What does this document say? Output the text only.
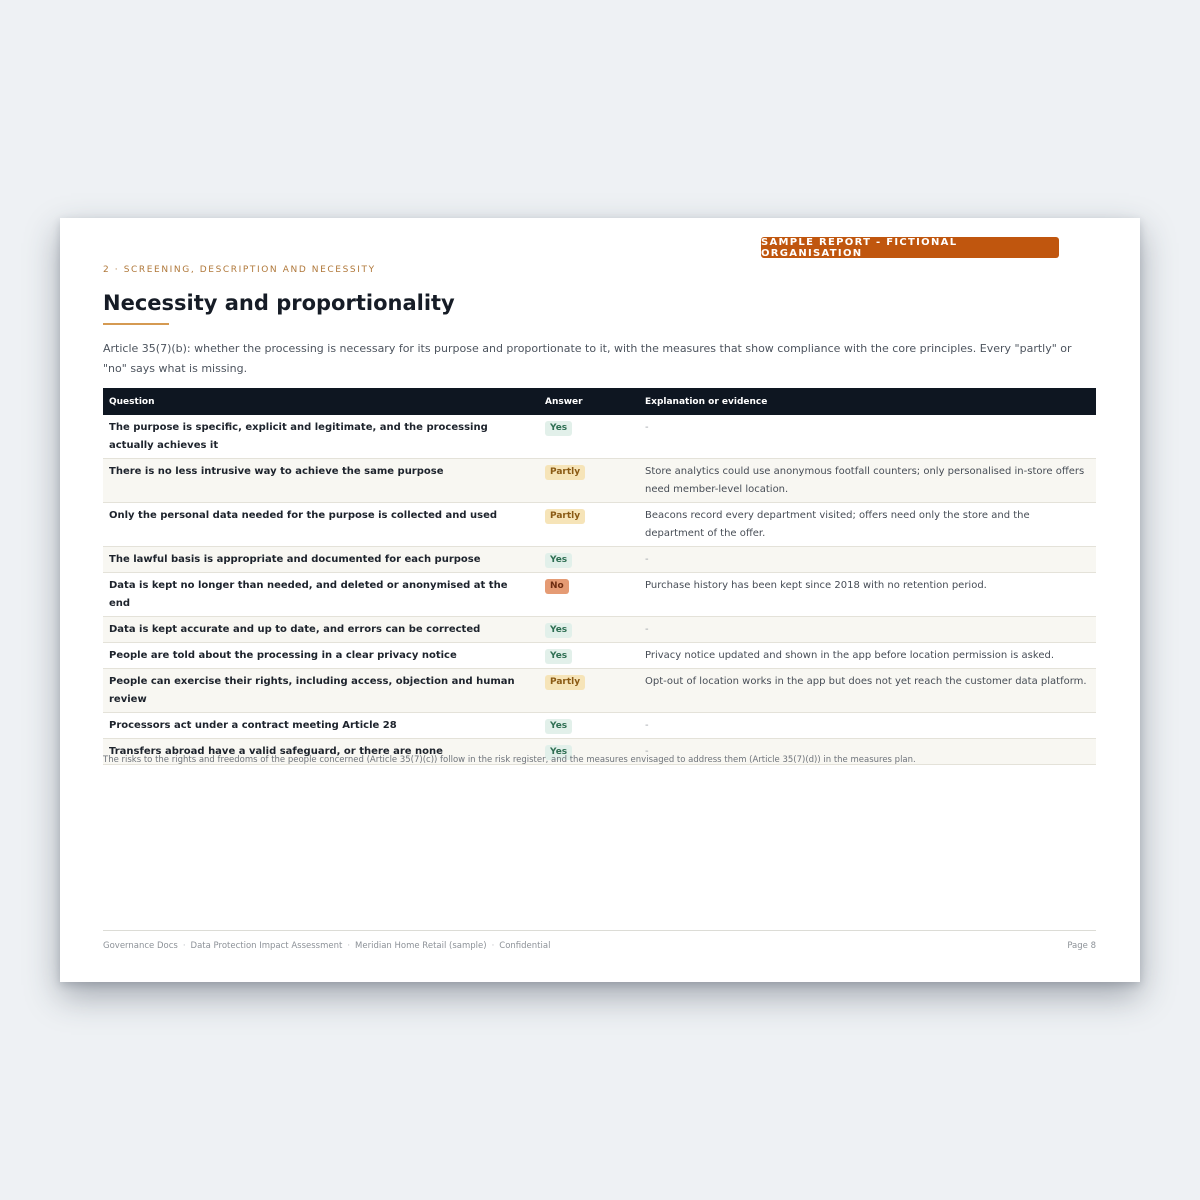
SAMPLE REPORT - FICTIONAL ORGANISATION
2 · SCREENING, DESCRIPTION AND NECESSITY
Necessity and proportionality

Article 35(7)(b): whether the processing is necessary for its purpose and proportionate to it, with the measures that show compliance with the core principles. Every "partly" or "no" says what is missing.

Question	Answer	Explanation or evidence
The purpose is specific, explicit and legitimate, and the processing actually achieves it	Yes	-
There is no less intrusive way to achieve the same purpose	Partly	Store analytics could use anonymous footfall counters; only personalised in-store offers need member-level location.
Only the personal data needed for the purpose is collected and used	Partly	Beacons record every department visited; offers need only the store and the department of the offer.
The lawful basis is appropriate and documented for each purpose	Yes	-
Data is kept no longer than needed, and deleted or anonymised at the end	No	Purchase history has been kept since 2018 with no retention period.
Data is kept accurate and up to date, and errors can be corrected	Yes	-
People are told about the processing in a clear privacy notice	Yes	Privacy notice updated and shown in the app before location permission is asked.
People can exercise their rights, including access, objection and human review	Partly	Opt-out of location works in the app but does not yet reach the customer data platform.
Processors act under a contract meeting Article 28	Yes	-
Transfers abroad have a valid safeguard, or there are none	Yes	-
The risks to the rights and freedoms of the people concerned (Article 35(7)(c)) follow in the risk register, and the measures envisaged to address them (Article 35(7)(d)) in the measures plan.
Governance Docs · Data Protection Impact Assessment · Meridian Home Retail (sample) · Confidential	Page 8
